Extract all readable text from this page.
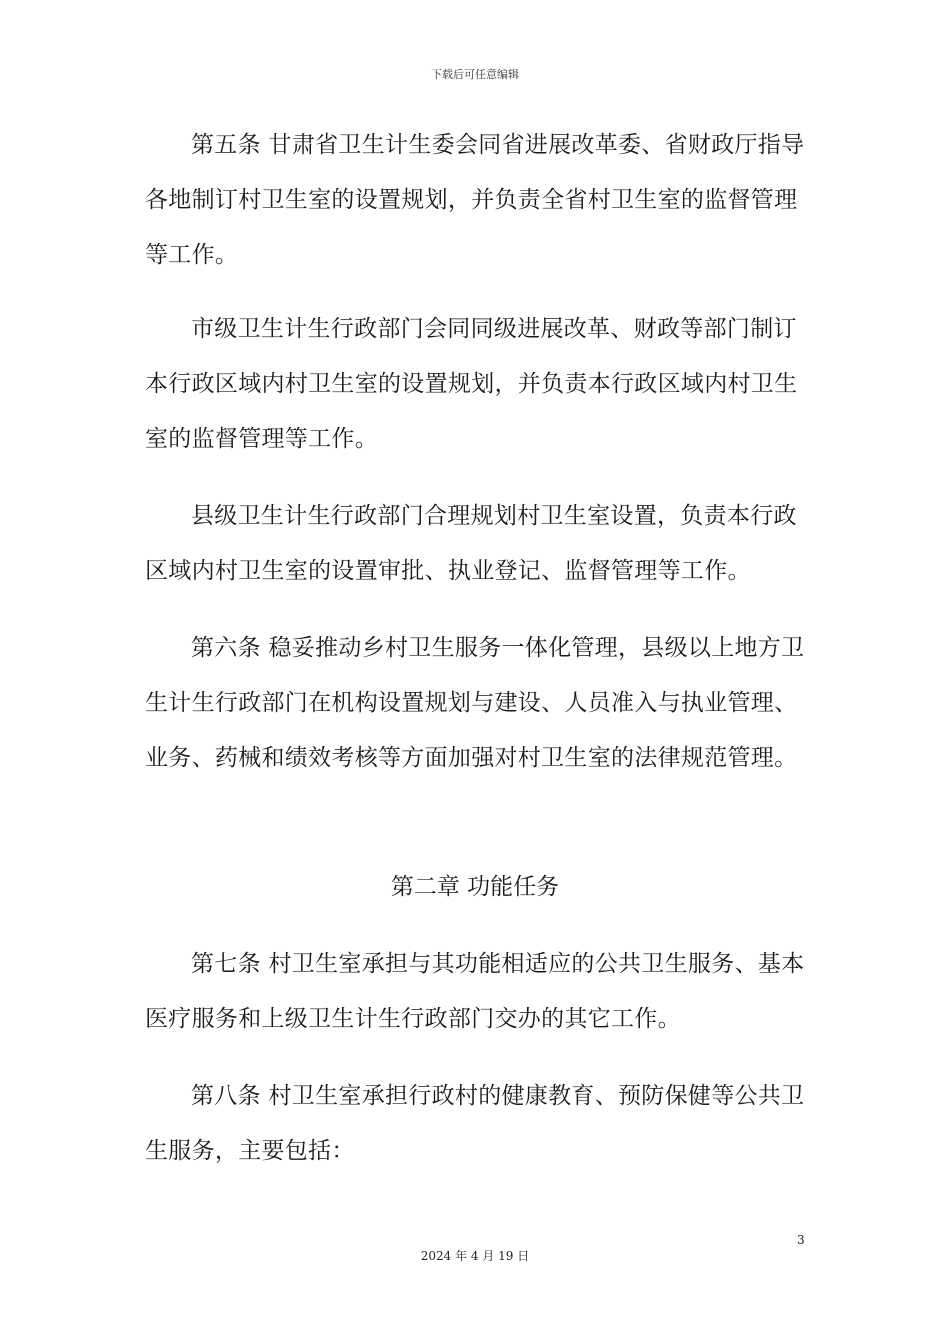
下载后可任意编辑

第五条 甘肃省卫生计生委会同省进展改革委、省财政厅指导各地制订村卫生室的设置规划，并负责全省村卫生室的监督管理等工作。

市级卫生计生行政部门会同同级进展改革、财政等部门制订本行政区域内村卫生室的设置规划，并负责本行政区域内村卫生室的监督管理等工作。

县级卫生计生行政部门合理规划村卫生室设置，负责本行政区域内村卫生室的设置审批、执业登记、监督管理等工作。

第六条 稳妥推动乡村卫生服务一体化管理，县级以上地方卫生计生行政部门在机构设置规划与建设、人员准入与执业管理、业务、药械和绩效考核等方面加强对村卫生室的法律规范管理。

第二章 功能任务

第七条 村卫生室承担与其功能相适应的公共卫生服务、基本医疗服务和上级卫生计生行政部门交办的其它工作。

第八条 村卫生室承担行政村的健康教育、预防保健等公共卫生服务，主要包括：

3
2024 年 4 月 19 日
